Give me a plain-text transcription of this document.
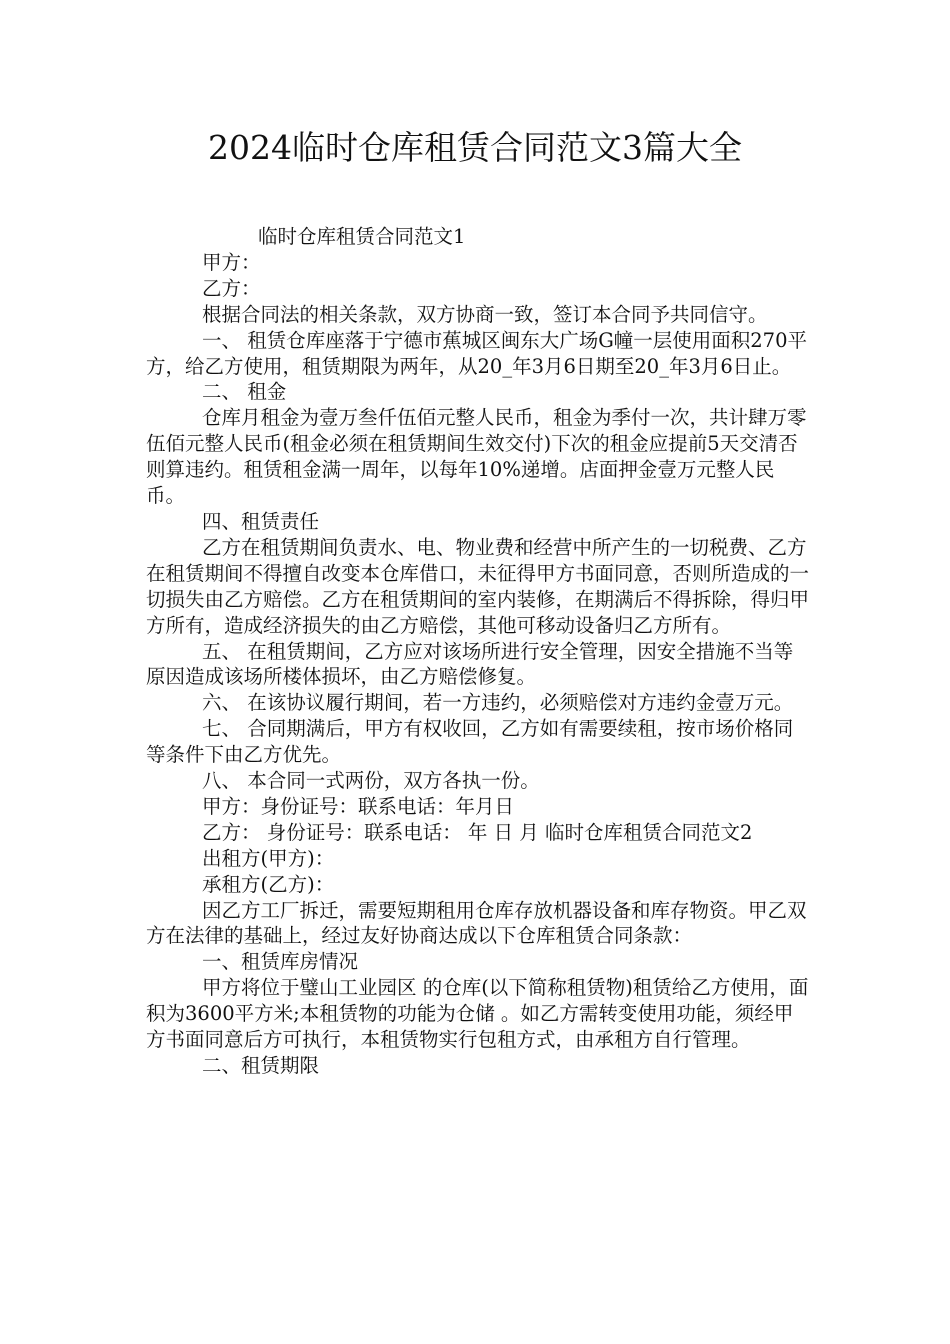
2024临时仓库租赁合同范文3篇大全

临时仓库租赁合同范文1

甲方：

乙方：

根据合同法的相关条款，双方协商一致，签订本合同予共同信守。

一、 租赁仓库座落于宁德市蕉城区闽东大广场G幢一层使用面积270平方，给乙方使用，租赁期限为两年，从20_年3月6日期至20_年3月6日止。

二、 租金

仓库月租金为壹万叁仟伍佰元整人民币，租金为季付一次，共计肆万零伍佰元整人民币(租金必须在租赁期间生效交付)下次的租金应提前5天交清否则算违约。租赁租金满一周年，以每年10%递增。店面押金壹万元整人民币。

四、租赁责任

乙方在租赁期间负责水、电、物业费和经营中所产生的一切税费、乙方在租赁期间不得擅自改变本仓库借口，未征得甲方书面同意，否则所造成的一切损失由乙方赔偿。乙方在租赁期间的室内装修，在期满后不得拆除，得归甲方所有，造成经济损失的由乙方赔偿，其他可移动设备归乙方所有。

五、 在租赁期间，乙方应对该场所进行安全管理，因安全措施不当等原因造成该场所楼体损坏，由乙方赔偿修复。

六、 在该协议履行期间，若一方违约，必须赔偿对方违约金壹万元。

七、 合同期满后，甲方有权收回，乙方如有需要续租，按市场价格同等条件下由乙方优先。

八、 本合同一式两份，双方各执一份。

甲方：身份证号：联系电话：年月日

乙方： 身份证号：联系电话： 年 日 月 临时仓库租赁合同范文2

出租方(甲方)：

承租方(乙方)：

因乙方工厂拆迁，需要短期租用仓库存放机器设备和库存物资。甲乙双方在法律的基础上，经过友好协商达成以下仓库租赁合同条款：

一、租赁库房情况

甲方将位于璧山工业园区 的仓库(以下简称租赁物)租赁给乙方使用，面积为3600平方米;本租赁物的功能为仓储 。如乙方需转变使用功能，须经甲方书面同意后方可执行，本租赁物实行包租方式，由承租方自行管理。

二、租赁期限
